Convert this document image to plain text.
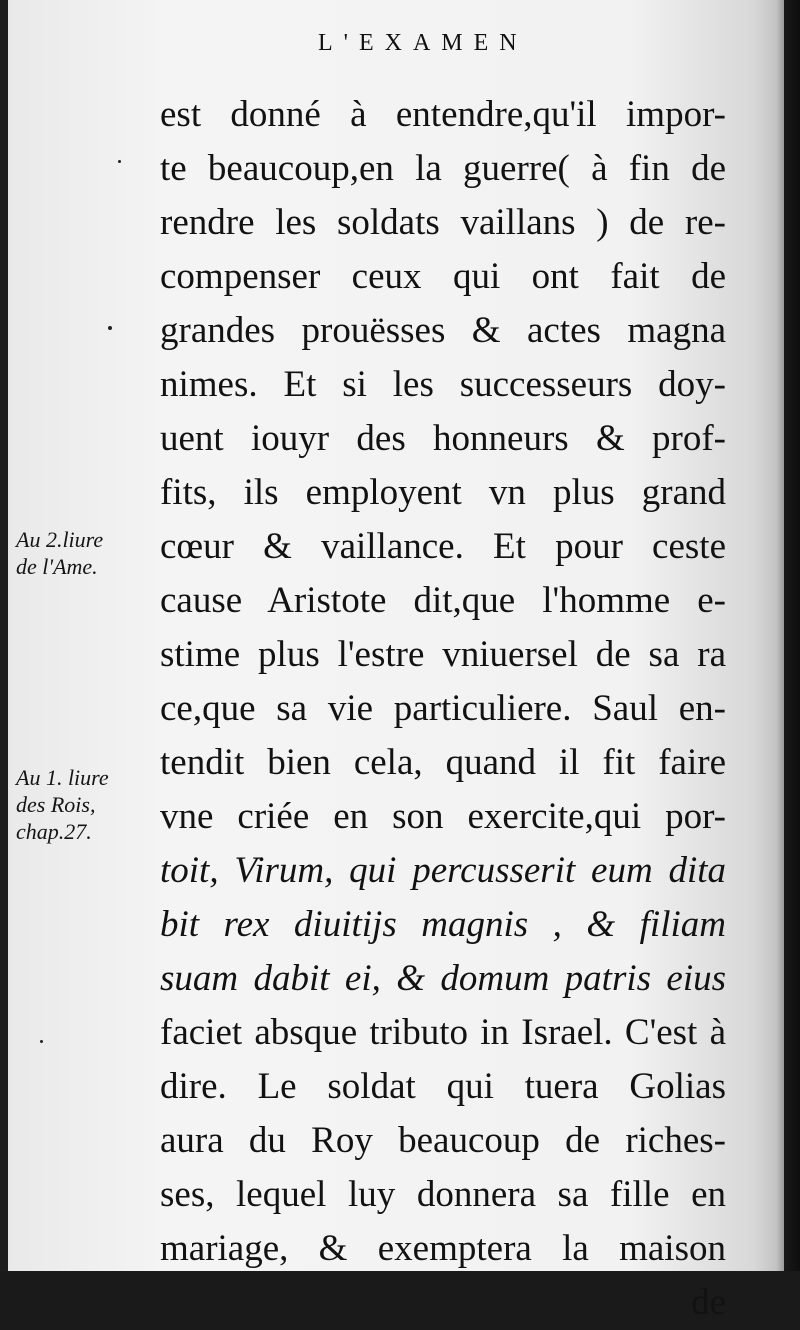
L'EXAMEN
est donné à entendre,qu'il impor-
te beaucoup,en la guerre( à fin de
rendre les soldats vaillans ) de re-
compenser ceux qui ont fait de
grandes prouësses & actes magna
nimes. Et si les successeurs doy-
uent iouyr des honneurs & prof-
fits, ils employent vn plus grand
cœur & vaillance. Et pour ceste
cause Aristote dit,que l'homme e-
stime plus l'estre vniuersel de sa ra
ce,que sa vie particuliere. Saul en-
tendit bien cela, quand il fit faire
vne criée en son exercite,qui por-
toit, Virum, qui percusserit eum dita
bit rex diuitijs magnis , & filiam
suam dabit ei, & domum patris eius
faciet absque tributo in Israel. C'est à
dire. Le soldat qui tuera Golias
aura du Roy beaucoup de riches-
ses, lequel luy donnera sa fille en
mariage, & exemptera la maison
de
Au 2.liure
de l'Ame.
Au 1. liure
des Rois,
chap.27.
